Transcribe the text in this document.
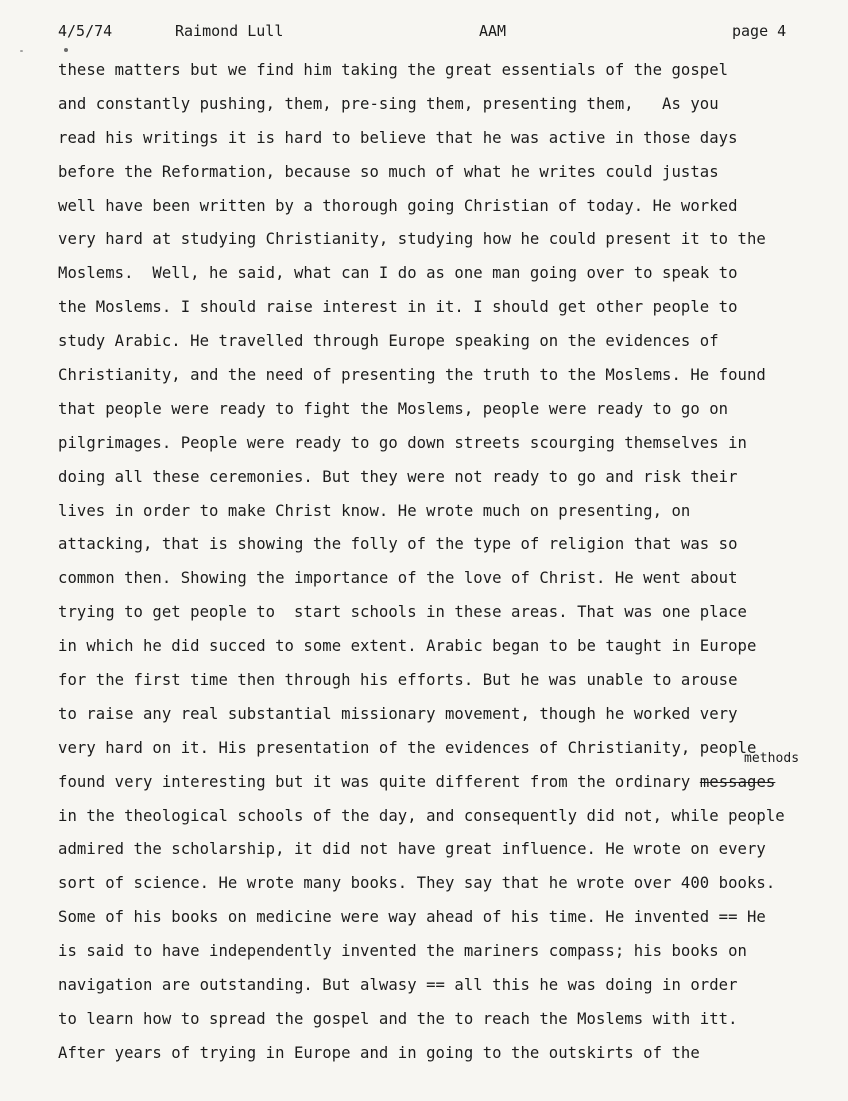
4/5/74	Raimond Lull	AAM	page 4
these matters but we find him taking the great essentials of the gospel
and constantly pushing, them, pre-sing them, presenting them,   As you
read his writings it is hard to believe that he was active in those days
before the Reformation, because so much of what he writes could justas
well have been written by a thorough going Christian of today. He worked
very hard at studying Christianity, studying how he could present it to the
Moslems.  Well, he said, what can I do as one man going over to speak to
the Moslems. I should raise interest in it. I should get other people to
study Arabic. He travelled through Europe speaking on the evidences of
Christianity, and the need of presenting the truth to the Moslems. He found
that people were ready to fight the Moslems, people were ready to go on
pilgrimages. People were ready to go down streets scourging themselves in
doing all these ceremonies. But they were not ready to go and risk their
lives in order to make Christ know. He wrote much on presenting, on
attacking, that is showing the folly of the type of religion that was so
common then. Showing the importance of the love of Christ. He went about
trying to get people to  start schools in these areas. That was one place
in which he did succed to some extent. Arabic began to be taught in Europe
for the first time then through his efforts. But he was unable to arouse
to raise any real substantial missionary movement, though he worked very
very hard on it. His presentation of the evidences of Christianity, people
found very interesting but it was quite different from the ordinary messages
methods
in the theological schools of the day, and consequently did not, while people
admired the scholarship, it did not have great influence. He wrote on every
sort of science. He wrote many books. They say that he wrote over 400 books.
Some of his books on medicine were way ahead of his time. He invented == He
is said to have independently invented the mariners compass; his books on
navigation are outstanding. But alwasy == all this he was doing in order
to learn how to spread the gospel and the to reach the Moslems with itt.
After years of trying in Europe and in going to the outskirts of the
